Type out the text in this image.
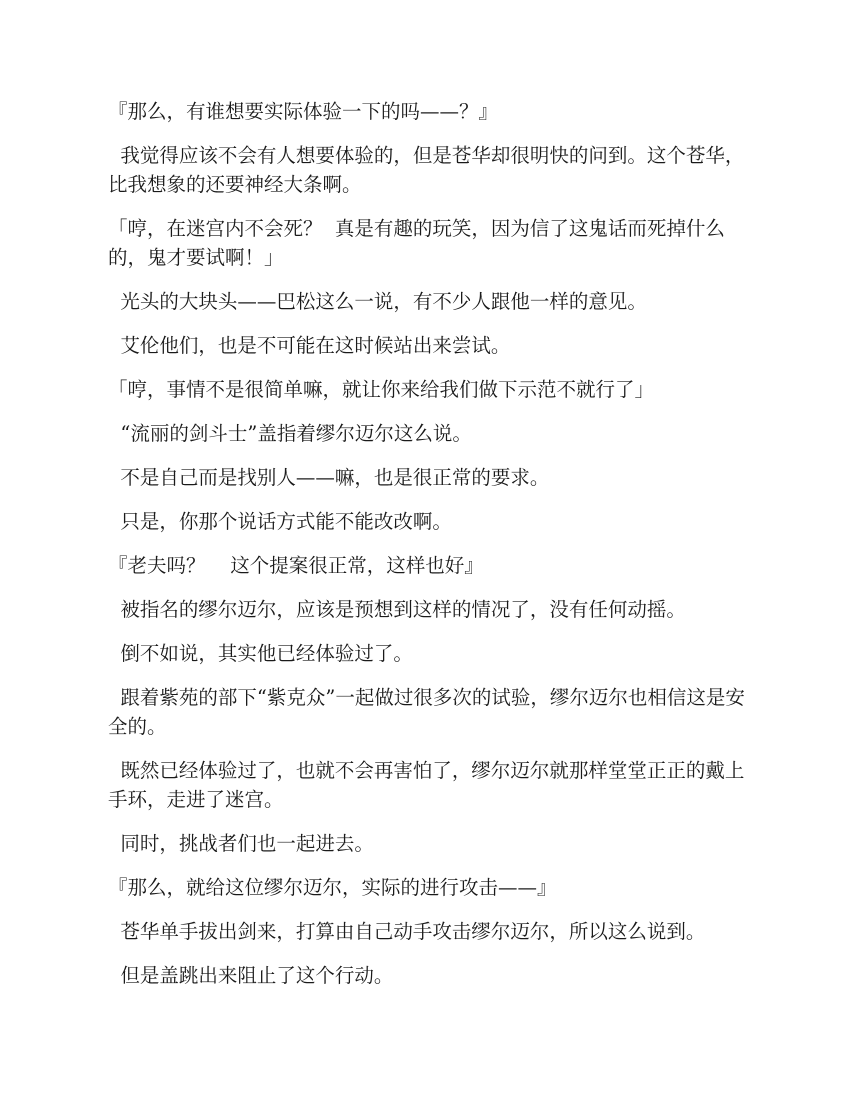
『那么，有谁想要实际体验一下的吗——？』

我觉得应该不会有人想要体验的，但是苍华却很明快的问到。这个苍华，比我想象的还要神经大条啊。

「哼，在迷宫内不会死？  真是有趣的玩笑，因为信了这鬼话而死掉什么的，鬼才要试啊！」

光头的大块头——巴松这么一说，有不少人跟他一样的意见。

艾伦他们，也是不可能在这时候站出来尝试。

「哼，事情不是很简单嘛，就让你来给我们做下示范不就行了」

“流丽的剑斗士”盖指着缪尔迈尔这么说。

不是自己而是找别人——嘛，也是很正常的要求。

只是，你那个说话方式能不能改改啊。

『老夫吗？    这个提案很正常，这样也好』

被指名的缪尔迈尔，应该是预想到这样的情况了，没有任何动摇。

倒不如说，其实他已经体验过了。

跟着紫苑的部下“紫克众”一起做过很多次的试验，缪尔迈尔也相信这是安全的。

既然已经体验过了，也就不会再害怕了，缪尔迈尔就那样堂堂正正的戴上手环，走进了迷宫。

同时，挑战者们也一起进去。

『那么，就给这位缪尔迈尔，实际的进行攻击——』

苍华单手拔出剑来，打算由自己动手攻击缪尔迈尔，所以这么说到。

但是盖跳出来阻止了这个行动。
